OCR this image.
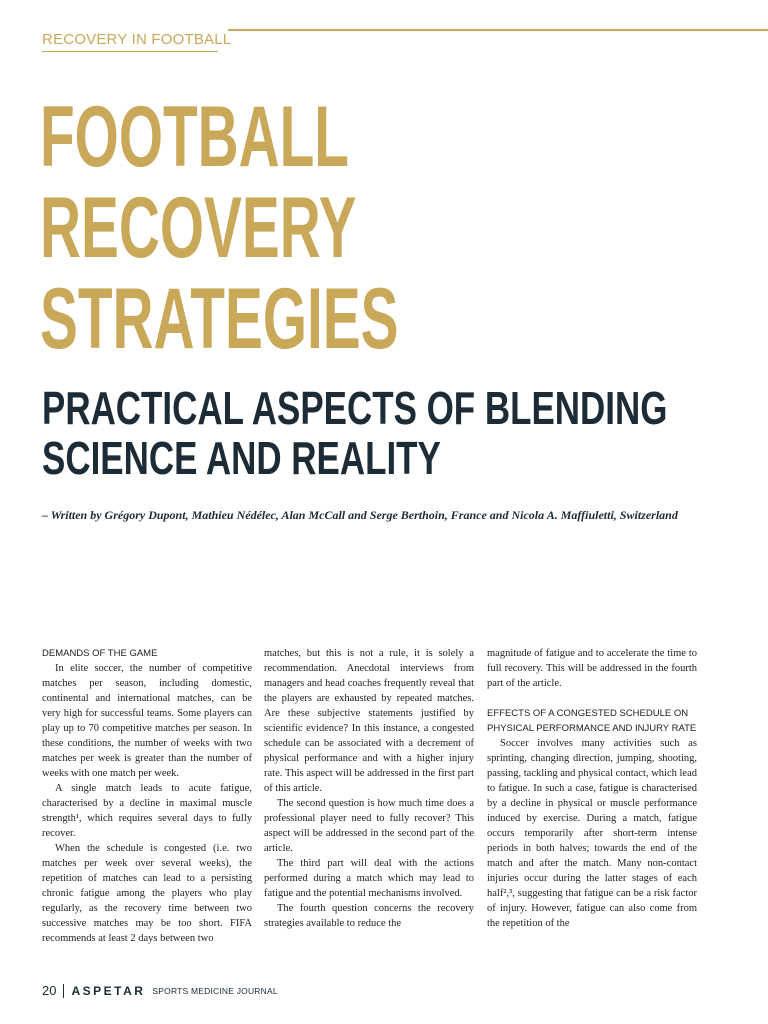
RECOVERY IN FOOTBALL
FOOTBALL
RECOVERY
STRATEGIES
PRACTICAL ASPECTS OF BLENDING
SCIENCE AND REALITY
– Written by Grégory Dupont, Mathieu Nédélec, Alan McCall and Serge Berthoin, France and Nicola A. Maffiuletti, Switzerland

DEMANDS OF THE GAME

In elite soccer, the number of competitive matches per season, including domestic, continental and international matches, can be very high for successful teams. Some players can play up to 70 competitive matches per season. In these conditions, the number of weeks with two matches per week is greater than the number of weeks with one match per week.

A single match leads to acute fatigue, characterised by a decline in maximal muscle strength¹, which requires several days to fully recover.

When the schedule is congested (i.e. two matches per week over several weeks), the repetition of matches can lead to a persisting chronic fatigue among the players who play regularly, as the recovery time between two successive matches may be too short. FIFA recommends at least 2 days between two

matches, but this is not a rule, it is solely a recommendation. Anecdotal interviews from managers and head coaches frequently reveal that the players are exhausted by repeated matches. Are these subjective statements justified by scientific evidence? In this instance, a congested schedule can be associated with a decrement of physical performance and with a higher injury rate. This aspect will be addressed in the first part of this article.

The second question is how much time does a professional player need to fully recover? This aspect will be addressed in the second part of the article.

The third part will deal with the actions performed during a match which may lead to fatigue and the potential mechanisms involved.

The fourth question concerns the recovery strategies available to reduce the

magnitude of fatigue and to accelerate the time to full recovery. This will be addressed in the fourth part of the article.

EFFECTS OF A CONGESTED SCHEDULE ON PHYSICAL PERFORMANCE AND INJURY RATE

Soccer involves many activities such as sprinting, changing direction, jumping, shooting, passing, tackling and physical contact, which lead to fatigue. In such a case, fatigue is characterised by a decline in physical or muscle performance induced by exercise. During a match, fatigue occurs temporarily after short-term intense periods in both halves; towards the end of the match and after the match. Many non-contact injuries occur during the latter stages of each half²,³, suggesting that fatigue can be a risk factor of injury. However, fatigue can also come from the repetition of the

20 ASPETAR SPORTS MEDICINE JOURNAL
